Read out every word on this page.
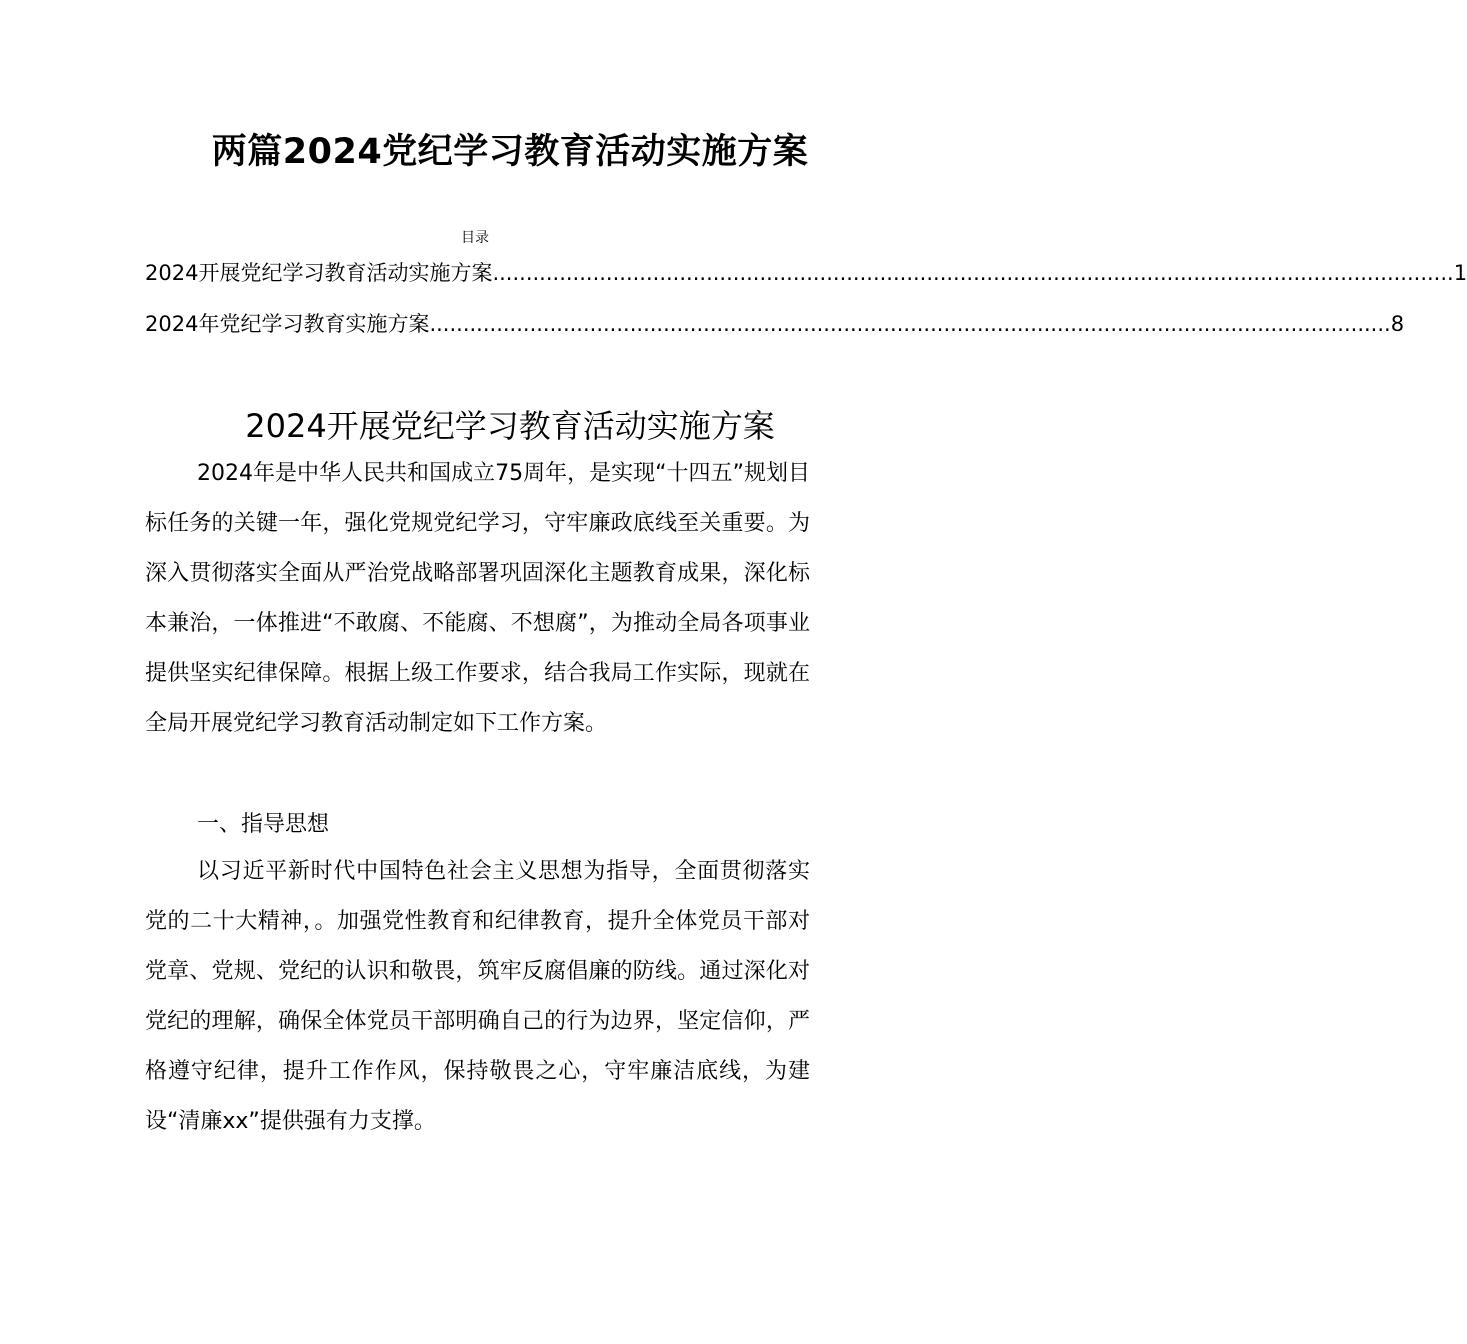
两篇2024党纪学习教育活动实施方案
目录
2024开展党纪学习教育活动实施方案 ................................................................................................................................................ 1
2024年党纪学习教育实施方案 ................................................................................................................................................ 8
2024开展党纪学习教育活动实施方案

2024年是中华人民共和国成立75周年，是实现“十四五”规划目标任务的关键一年，强化党规党纪学习，守牢廉政底线至关重要。为深入贯彻落实全面从严治党战略部署巩固深化主题教育成果，深化标本兼治，一体推进“不敢腐、不能腐、不想腐”，为推动全局各项事业提供坚实纪律保障。根据上级工作要求，结合我局工作实际，现就在全局开展党纪学习教育活动制定如下工作方案。

一、指导思想

以习近平新时代中国特色社会主义思想为指导，全面贯彻落实党的二十大精神，。加强党性教育和纪律教育，提升全体党员干部对党章、党规、党纪的认识和敬畏，筑牢反腐倡廉的防线。通过深化对党纪的理解，确保全体党员干部明确自己的行为边界，坚定信仰，严格遵守纪律，提升工作作风，保持敬畏之心，守牢廉洁底线，为建设“清廉xx”提供强有力支撑。
